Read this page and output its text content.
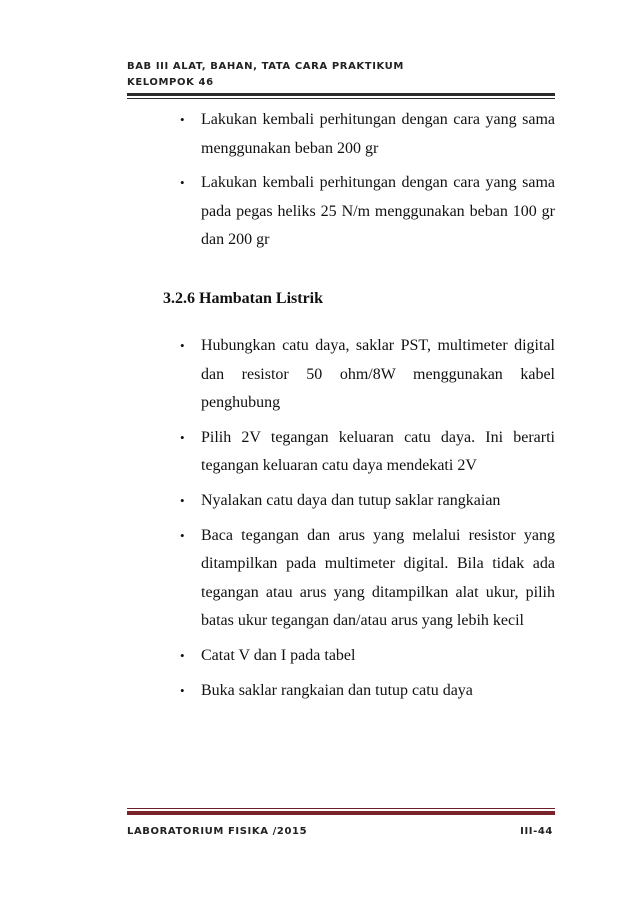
BAB III ALAT, BAHAN, TATA CARA PRAKTIKUM
KELOMPOK 46
• Lakukan kembali perhitungan dengan cara yang sama menggunakan beban 200 gr
• Lakukan kembali perhitungan dengan cara yang sama pada pegas heliks 25 N/m menggunakan beban 100 gr dan 200 gr
3.2.6 Hambatan Listrik
• Hubungkan catu daya, saklar PST, multimeter digital dan resistor 50 ohm/8W menggunakan kabel penghubung
• Pilih 2V tegangan keluaran catu daya. Ini berarti tegangan keluaran catu daya mendekati 2V
• Nyalakan catu daya dan tutup saklar rangkaian
• Baca tegangan dan arus yang melalui resistor yang ditampilkan pada multimeter digital. Bila tidak ada tegangan atau arus yang ditampilkan alat ukur, pilih batas ukur tegangan dan/atau arus yang lebih kecil
• Catat V dan I pada tabel
• Buka saklar rangkaian dan tutup catu daya
LABORATORIUM FISIKA /2015	III-44
